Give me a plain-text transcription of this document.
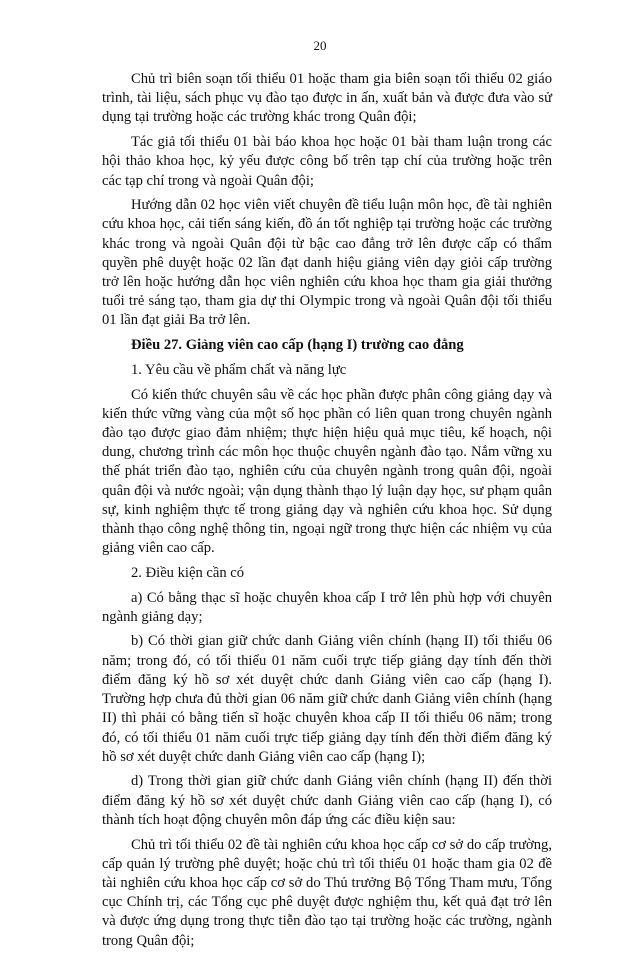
20

Chủ trì biên soạn tối thiểu 01 hoặc tham gia biên soạn tối thiểu 02 giáo trình, tài liệu, sách phục vụ đào tạo được in ấn, xuất bản và được đưa vào sử dụng tại trường hoặc các trường khác trong Quân đội;

Tác giả tối thiểu 01 bài báo khoa học hoặc 01 bài tham luận trong các hội thảo khoa học, kỷ yếu được công bố trên tạp chí của trường hoặc trên các tạp chí trong và ngoài Quân đội;

Hướng dẫn 02 học viên viết chuyên đề tiểu luận môn học, đề tài nghiên cứu khoa học, cải tiến sáng kiến, đồ án tốt nghiệp tại trường hoặc các trường khác trong và ngoài Quân đội từ bậc cao đẳng trở lên được cấp có thẩm quyền phê duyệt hoặc 02 lần đạt danh hiệu giảng viên dạy giỏi cấp trường trở lên hoặc hướng dẫn học viên nghiên cứu khoa học tham gia giải thưởng tuổi trẻ sáng tạo, tham gia dự thi Olympic trong và ngoài Quân đội tối thiểu 01 lần đạt giải Ba trở lên.

Điều 27. Giảng viên cao cấp (hạng I) trường cao đẳng

1. Yêu cầu về phẩm chất và năng lực

Có kiến thức chuyên sâu về các học phần được phân công giảng dạy và kiến thức vững vàng của một số học phần có liên quan trong chuyên ngành đào tạo được giao đảm nhiệm; thực hiện hiệu quả mục tiêu, kế hoạch, nội dung, chương trình các môn học thuộc chuyên ngành đào tạo. Nắm vững xu thế phát triển đào tạo, nghiên cứu của chuyên ngành trong quân đội, ngoài quân đội và nước ngoài; vận dụng thành thạo lý luận dạy học, sư phạm quân sự, kinh nghiệm thực tế trong giảng dạy và nghiên cứu khoa học. Sử dụng thành thạo công nghệ thông tin, ngoại ngữ trong thực hiện các nhiệm vụ của giảng viên cao cấp.

2. Điều kiện cần có

a) Có bằng thạc sĩ hoặc chuyên khoa cấp I trở lên phù hợp với chuyên ngành giảng dạy;

b) Có thời gian giữ chức danh Giảng viên chính (hạng II) tối thiểu 06 năm; trong đó, có tối thiểu 01 năm cuối trực tiếp giảng dạy tính đến thời điểm đăng ký hồ sơ xét duyệt chức danh Giảng viên cao cấp (hạng I). Trường hợp chưa đủ thời gian 06 năm giữ chức danh Giảng viên chính (hạng II) thì phải có bằng tiến sĩ hoặc chuyên khoa cấp II tối thiểu 06 năm; trong đó, có tối thiểu 01 năm cuối trực tiếp giảng dạy tính đến thời điểm đăng ký hồ sơ xét duyệt chức danh Giảng viên cao cấp (hạng I);

d) Trong thời gian giữ chức danh Giảng viên chính (hạng II) đến thời điểm đăng ký hồ sơ xét duyệt chức danh Giảng viên cao cấp (hạng I), có thành tích hoạt động chuyên môn đáp ứng các điều kiện sau:

Chủ trì tối thiểu 02 đề tài nghiên cứu khoa học cấp cơ sở do cấp trường, cấp quản lý trường phê duyệt; hoặc chủ trì tối thiểu 01 hoặc tham gia 02 đề tài nghiên cứu khoa học cấp cơ sở do Thủ trưởng Bộ Tổng Tham mưu, Tổng cục Chính trị, các Tổng cục phê duyệt được nghiệm thu, kết quả đạt trở lên và được ứng dụng trong thực tiễn đào tạo tại trường hoặc các trường, ngành trong Quân đội;
